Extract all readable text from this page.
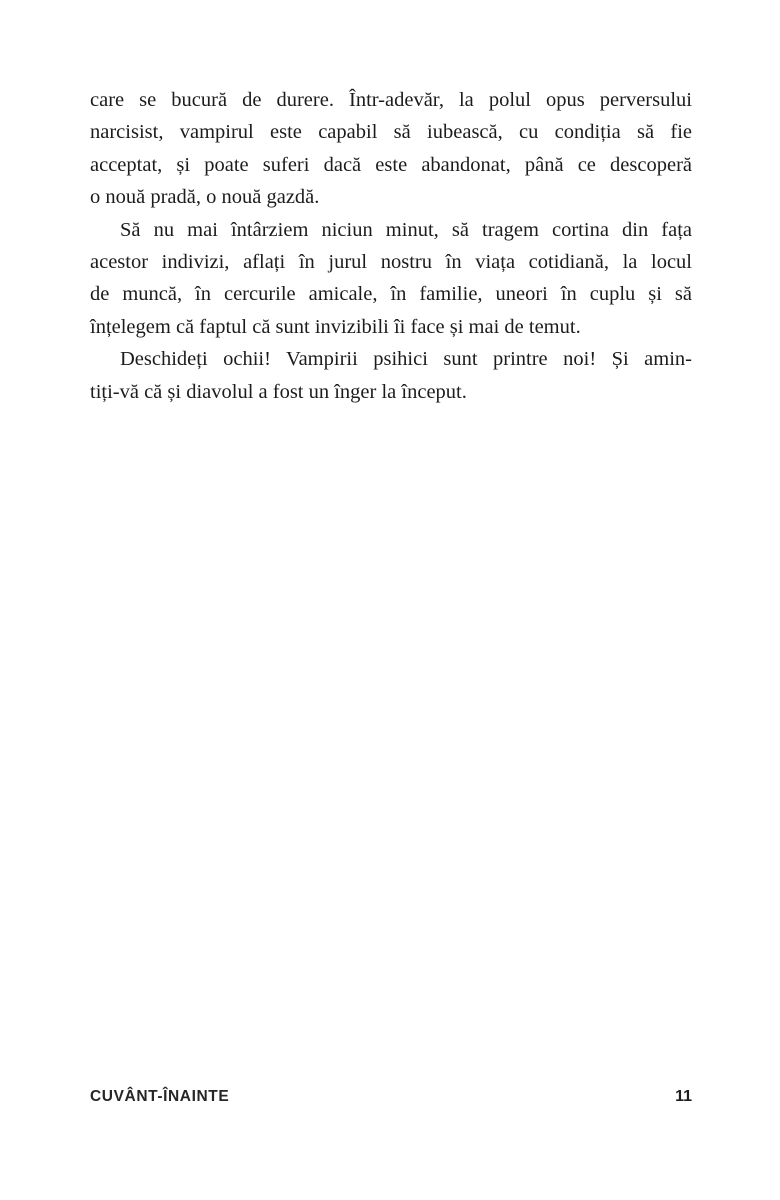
care se bucură de durere. Într-adevăr, la polul opus perversului
narcisist, vampirul este capabil să iubească, cu condiția să fie
acceptat, și poate suferi dacă este abandonat, până ce descoperă
o nouă pradă, o nouă gazdă.

Să nu mai întârziem niciun minut, să tragem cortina din fața
acestor indivizi, aflați în jurul nostru în viața cotidiană, la locul
de muncă, în cercurile amicale, în familie, uneori în cuplu și să
înțelegem că faptul că sunt invizibili îi face și mai de temut.

Deschideți ochii! Vampirii psihici sunt printre noi! Și amin-
tiți-vă că și diavolul a fost un înger la început.

CUVÂNT-ÎNAINTE	11
